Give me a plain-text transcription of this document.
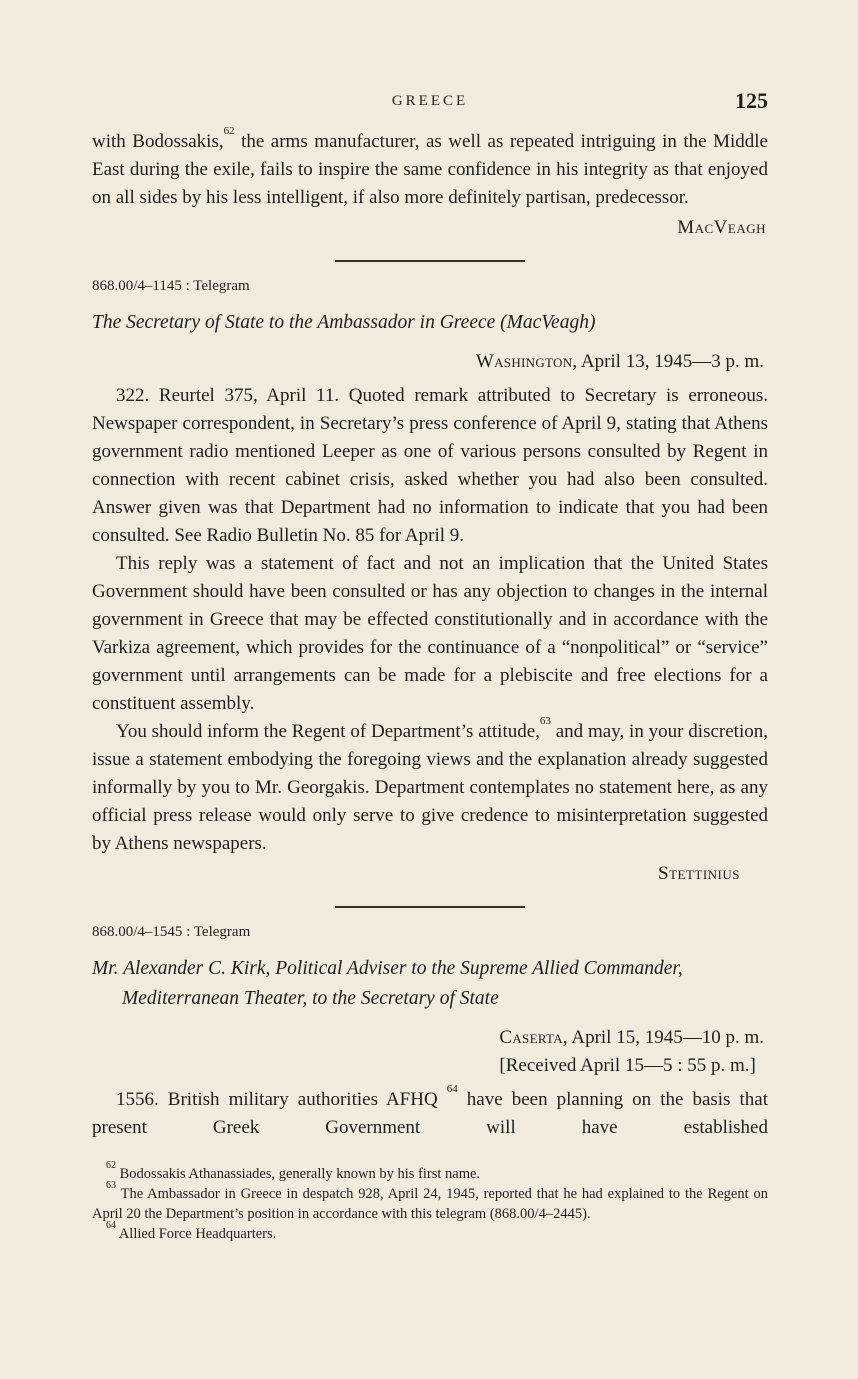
GREECE	125

with Bodossakis,$^{62}$ the arms manufacturer, as well as repeated intriguing in the Middle East during the exile, fails to inspire the same confidence in his integrity as that enjoyed on all sides by his less intelligent, if also more definitely partisan, predecessor.

MacVeagh

868.00/4–1145 : Telegram

The Secretary of State to the Ambassador in Greece (MacVeagh)

Washington, April 13, 1945—3 p. m.

322. Reurtel 375, April 11. Quoted remark attributed to Secretary is erroneous. Newspaper correspondent, in Secretary’s press conference of April 9, stating that Athens government radio mentioned Leeper as one of various persons consulted by Regent in connection with recent cabinet crisis, asked whether you had also been consulted. Answer given was that Department had no information to indicate that you had been consulted. See Radio Bulletin No. 85 for April 9.

This reply was a statement of fact and not an implication that the United States Government should have been consulted or has any objection to changes in the internal government in Greece that may be effected constitutionally and in accordance with the Varkiza agreement, which provides for the continuance of a “nonpolitical” or “service” government until arrangements can be made for a plebiscite and free elections for a constituent assembly.

You should inform the Regent of Department’s attitude,$^{63}$ and may, in your discretion, issue a statement embodying the foregoing views and the explanation already suggested informally by you to Mr. Georgakis. Department contemplates no statement here, as any official press release would only serve to give credence to misinterpretation suggested by Athens newspapers.

Stettinius

868.00/4–1545 : Telegram

Mr. Alexander C. Kirk, Political Adviser to the Supreme Allied Commander, Mediterranean Theater, to the Secretary of State

Caserta, April 15, 1945—10 p. m.
[Received April 15—5 : 55 p. m.]

1556. British military authorities AFHQ $^{64}$ have been planning on the basis that present Greek Government will have established

$^{62}$ Bodossakis Athanassiades, generally known by his first name.

$^{63}$ The Ambassador in Greece in despatch 928, April 24, 1945, reported that he had explained to the Regent on April 20 the Department’s position in accordance with this telegram (868.00/4–2445).

$^{64}$ Allied Force Headquarters.
